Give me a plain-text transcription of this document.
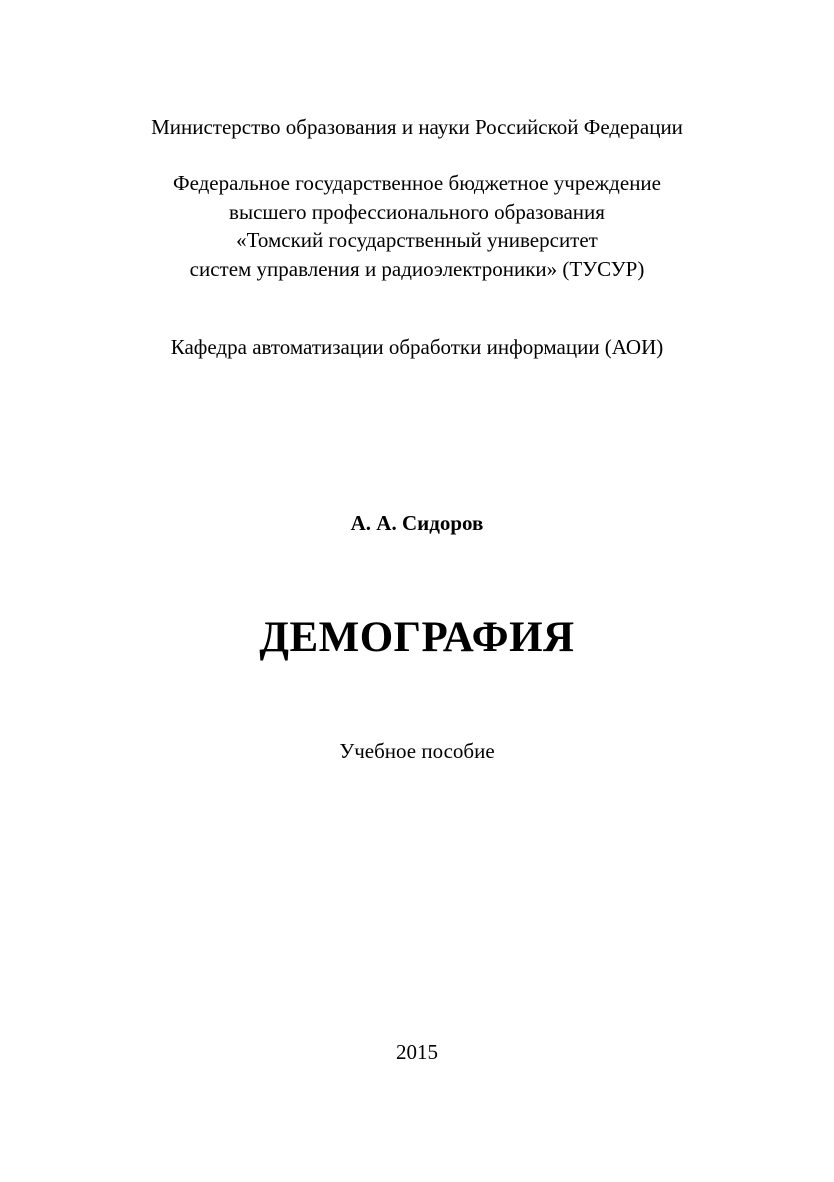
Министерство образования и науки Российской Федерации
Федеральное государственное бюджетное учреждение
высшего профессионального образования
«Томский государственный университет
систем управления и радиоэлектроники» (ТУСУР)
Кафедра автоматизации обработки информации (АОИ)
А. А. Сидоров
ДЕМОГРАФИЯ
Учебное пособие
2015
